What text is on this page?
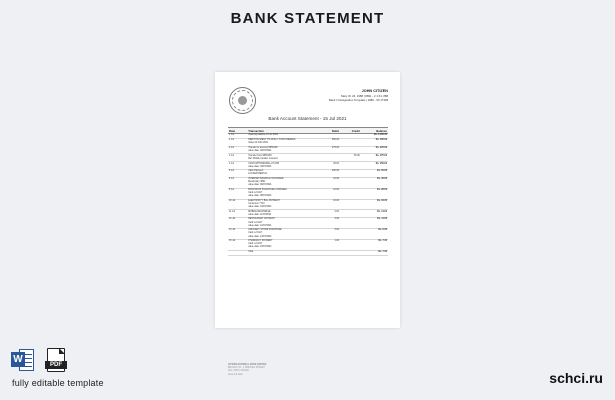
BANK STATEMENT
JOHN CITIZEN
Mary W. 23, 1988 | 8891 - 2 1 64, 888
Bank 1 Designation Template | 1880 - 90 17348
Bank Account Statement - 15 Jul 2021
Date	Transaction	Debit	Credit	Balance
1 Jul	Opening balance 15 Jul 2021			Rs. 1,000.00
1 Jul	DEBIT PAYMENT TO MOLLY STATIONERIES
Value 03-JUN-2021	500.00		Rs. 500.00
2 Jul	Transfer to account 9856138
value date: 02/07/2021	275.00		Rs. 225.00
2 Jul	Transfer from 9856138
Ref: Mobile transfer received		50.00	Rs. 275.00
4 Jul	CASH WITHDRAWAL AT ATM
value date: 04/07/2021	25.00		Rs. 250.00
5 Jul	Cash Payment
LOCKER RENTAL	200.00		Rs. 50.00
6 Jul	INTERNET BANKING TRANSFER
Beneficiary 4891
value date: 06/07/2021	10.00		Rs. 40.00
8 Jul	BOOKSHOP PURCHASE CHARGES
Card ref 4417
value date: 08/07/2021	12.00		Rs. 28.00
10 Jul	ELECTRICITY BILL PAYMENT
Consumer 7723
value date: 10/07/2021	10.00		Rs. 18.00
11 Jul	MOBILE RECHARGE
value date: 11/07/2021	4.00		Rs. 14.00
12 Jul	RESTAURANT PAYMENT
Card ref 4417
value date: 12/07/2021	3.00		Rs. 11.00
13 Jul	GROCERY STORE PURCHASE
Card ref 4417
value date: 13/07/2021	3.00		Rs. 8.00
15 Jul	PHARMACY PAYMENT
Card ref 4417
value date: 15/07/2021	1.00		Rs. 7.00

	Total			Rs. 7.00
CITIZEN NATIONAL BANK LIMITED
BRANCH 16 - 1 PRINCES STREET
TEL: 0000 0 000000
www.cnb.bank
W	PDF
fully editable template	schci.ru
